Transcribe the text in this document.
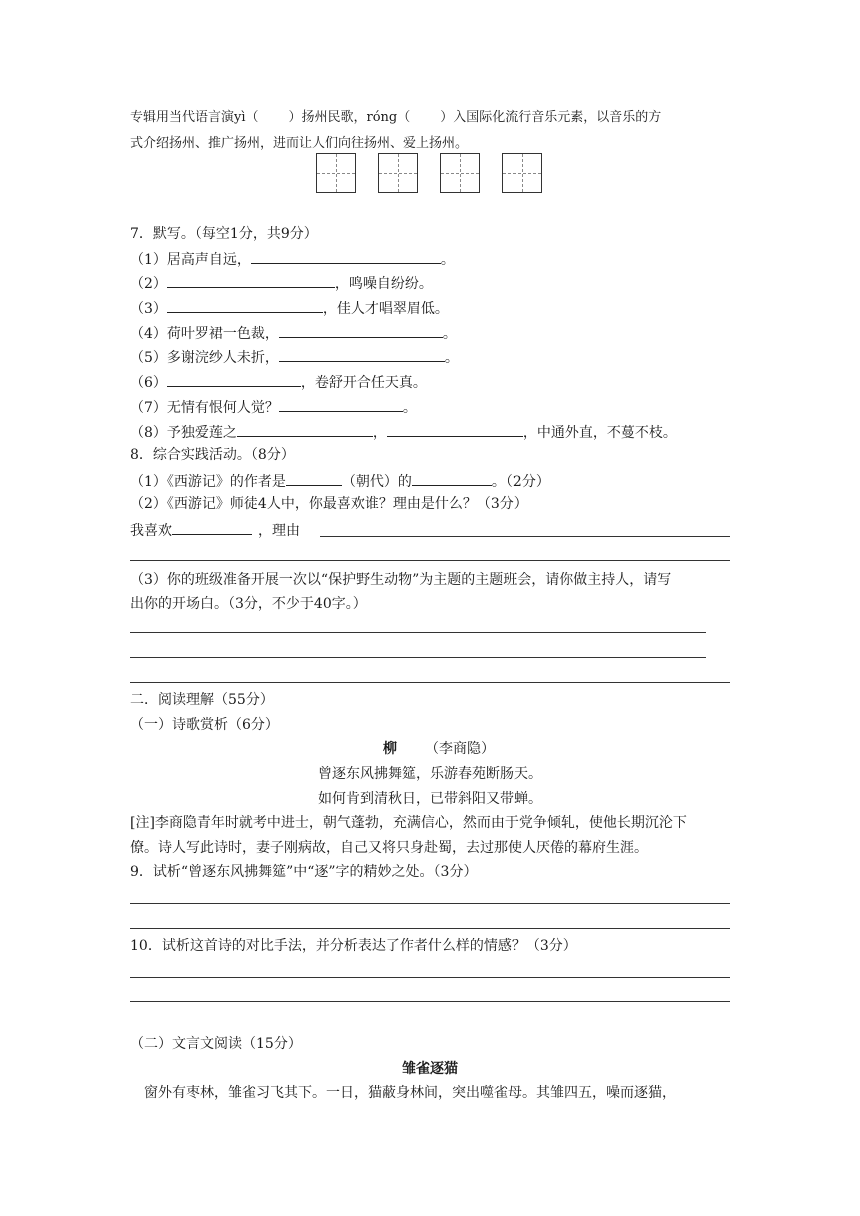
专辑用当代语言演yì（ ）扬州民歌，róng（ ）入国际化流行音乐元素，以音乐的方
式介绍扬州、推广扬州，进而让人们向往扬州、爱上扬州。
7．默写。（每空1分，共9分）
（1）居高声自远，	。
（2）	，鸣噪自纷纷。
（3）	，佳人才唱翠眉低。
（4）荷叶罗裙一色裁，	。
（5）多谢浣纱人未折，	。
（6）	，卷舒开合任天真。
（7）无情有恨何人觉？	。
（8）予独爱莲之	，	，中通外直，不蔓不枝。
8．综合实践活动。（8分）
（1）《西游记》的作者是	（朝代）的	。（2分）
（2）《西游记》师徒4人中，你最喜欢谁？理由是什么？（3分）
我喜欢	，理由
（3）你的班级准备开展一次以“保护野生动物”为主题的主题班会，请你做主持人，请写
出你的开场白。（3分，不少于40字。）
二．阅读理解（55分）
（一）诗歌赏析（6分）
柳 （李商隐）
曾逐东风拂舞筵，乐游春苑断肠天。
如何肯到清秋日，已带斜阳又带蝉。
[注]李商隐青年时就考中进士，朝气蓬勃，充满信心，然而由于党争倾轧，使他长期沉沦下
僚。诗人写此诗时，妻子刚病故，自己又将只身赴蜀，去过那使人厌倦的幕府生涯。
9．试析“曾逐东风拂舞筵”中“逐”字的精妙之处。（3分）
10．试析这首诗的对比手法，并分析表达了作者什么样的情感？（3分）
（二）文言文阅读（15分）
雏雀逐猫
窗外有枣林，雏雀习飞其下。一日，猫蔽身林间，突出噬雀母。其雏四五，噪而逐猫，
